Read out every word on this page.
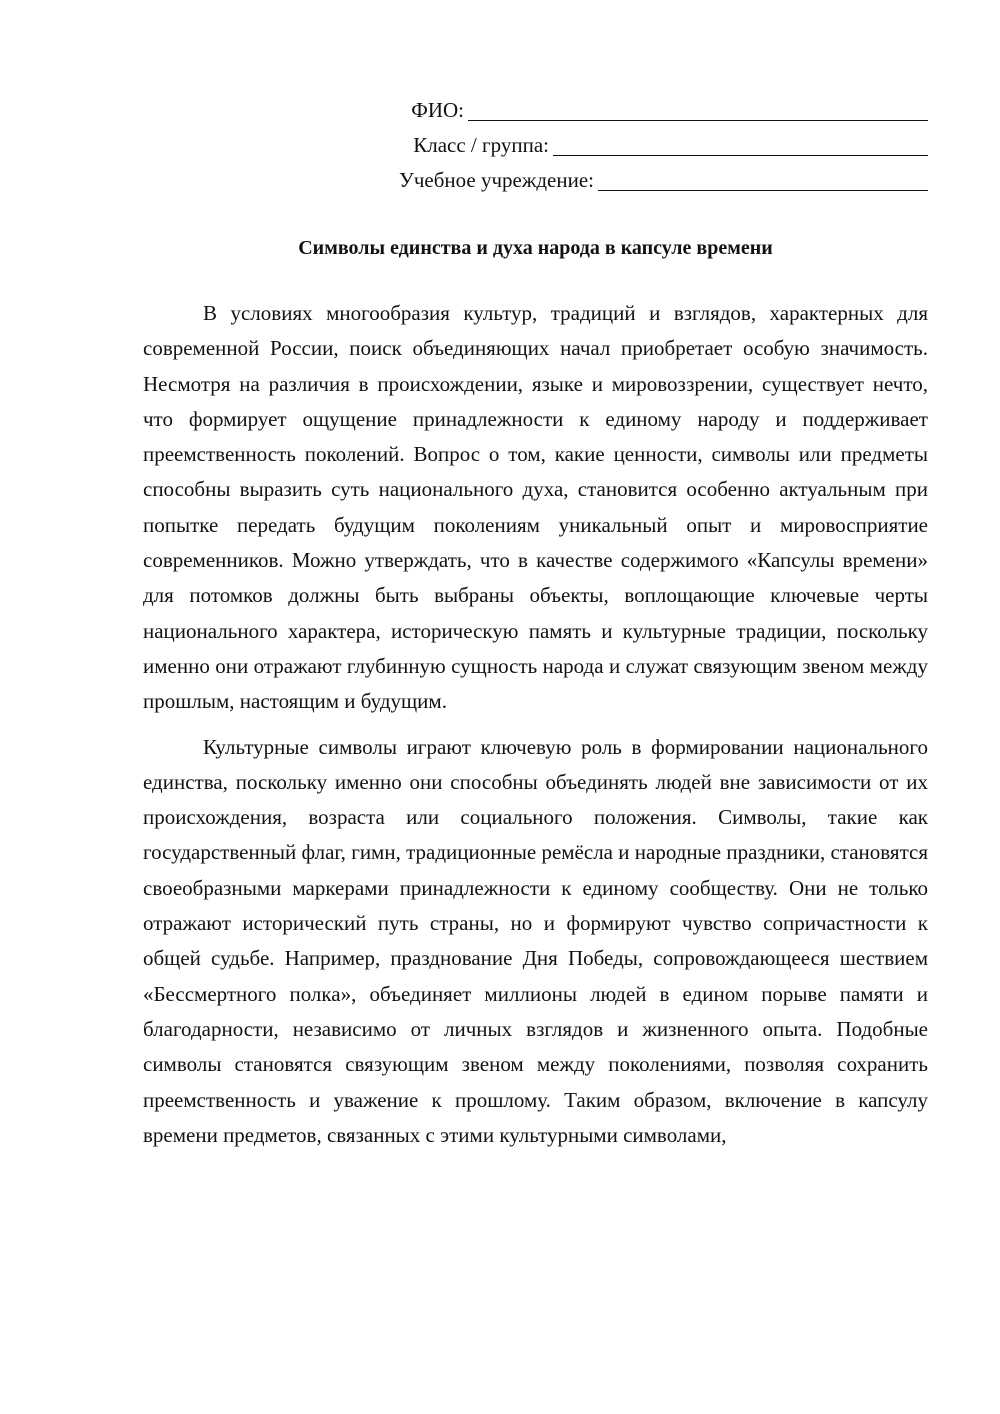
ФИО:
Класс / группа:
Учебное учреждение:
Символы единства и духа народа в капсуле времени

В условиях многообразия культур, традиций и взглядов, характерных для современной России, поиск объединяющих начал приобретает особую значимость. Несмотря на различия в происхождении, языке и мировоззрении, существует нечто, что формирует ощущение принадлежности к единому народу и поддерживает преемственность поколений. Вопрос о том, какие ценности, символы или предметы способны выразить суть национального духа, становится особенно актуальным при попытке передать будущим поколениям уникальный опыт и мировосприятие современников. Можно утверждать, что в качестве содержимого «Капсулы времени» для потомков должны быть выбраны объекты, воплощающие ключевые черты национального характера, историческую память и культурные традиции, поскольку именно они отражают глубинную сущность народа и служат связующим звеном между прошлым, настоящим и будущим.

Культурные символы играют ключевую роль в формировании национального единства, поскольку именно они способны объединять людей вне зависимости от их происхождения, возраста или социального положения. Символы, такие как государственный флаг, гимн, традиционные ремёсла и народные праздники, становятся своеобразными маркерами принадлежности к единому сообществу. Они не только отражают исторический путь страны, но и формируют чувство сопричастности к общей судьбе. Например, празднование Дня Победы, сопровождающееся шествием «Бессмертного полка», объединяет миллионы людей в едином порыве памяти и благодарности, независимо от личных взглядов и жизненного опыта. Подобные символы становятся связующим звеном между поколениями, позволяя сохранить преемственность и уважение к прошлому. Таким образом, включение в капсулу времени предметов, связанных с этими культурными символами,
